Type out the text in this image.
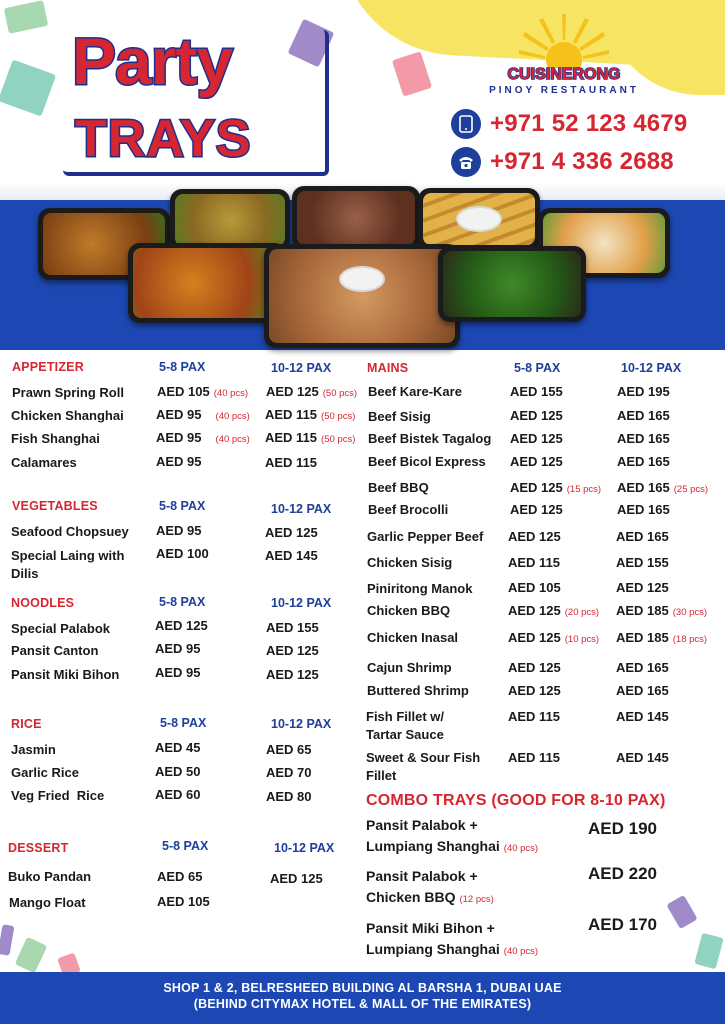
Party
TRAYS
CUISINERONG
PINOY RESTAURANT
+971 52 123 4679
+971 4 336 2688
APPETIZER	5-8 PAX	10-12 PAX
Prawn Spring Roll	AED 105 (40 pcs) AED 125 (50 pcs)
Chicken Shanghai AED 95 (40 pcs) AED 115 (50 pcs)
Fish Shanghai	AED 95 (40 pcs) AED 115 (50 pcs)
Calamares	AED 95	AED 115
VEGETABLES	5-8 PAX	10-12 PAX
Seafood Chopsuey AED 95	AED 125
Special Laing with Dilis
AED 100	AED 145
NOODLES	5-8 PAX	10-12 PAX
Special Palabok	AED 125	AED 155
Pansit Canton	AED 95	AED 125
Pansit Miki Bihon	AED 95	AED 125
RICE	5-8 PAX	10-12 PAX
Jasmin	AED 45	AED 65
Garlic Rice	AED 50	AED 70
Veg Fried  Rice	AED 60	AED 80
DESSERT	5-8 PAX	10-12 PAX
Buko Pandan	AED 65	AED 125
Mango Float	AED 105
MAINS	5-8 PAX	10-12 PAX
Beef Kare-Kare	AED 155	AED 195
Beef Sisig	AED 125	AED 165
Beef Bistek Tagalog AED 125	AED 165
Beef Bicol Express AED 125	AED 165
Beef BBQ	AED 125 (15 pcs) AED 165 (25 pcs)
Beef Brocolli	AED 125	AED 165
Garlic Pepper Beef AED 125	AED 165
Chicken Sisig	AED 115	AED 155
Piniritong Manok	AED 105	AED 125
Chicken BBQ	AED 125 (20 pcs) AED 185 (30 pcs)
Chicken Inasal	AED 125 (10 pcs) AED 185 (18 pcs)
Cajun Shrimp	AED 125	AED 165
Buttered Shrimp	AED 125	AED 165
Fish Fillet w/ Tartar Sauce
AED 115	AED 145
Sweet & Sour Fish Fillet
AED 115	AED 145
COMBO TRAYS (GOOD FOR 8-10 PAX)
Pansit Palabok +
Lumpiang Shanghai (40 pcs)
AED 190
Pansit Palabok +
Chicken BBQ (12 pcs)
AED 220
Pansit Miki Bihon +
Lumpiang Shanghai (40 pcs)
AED 170
SHOP 1 & 2, BELRESHEED BUILDING AL BARSHA 1, DUBAI UAE
(BEHIND CITYMAX HOTEL & MALL OF THE EMIRATES)
